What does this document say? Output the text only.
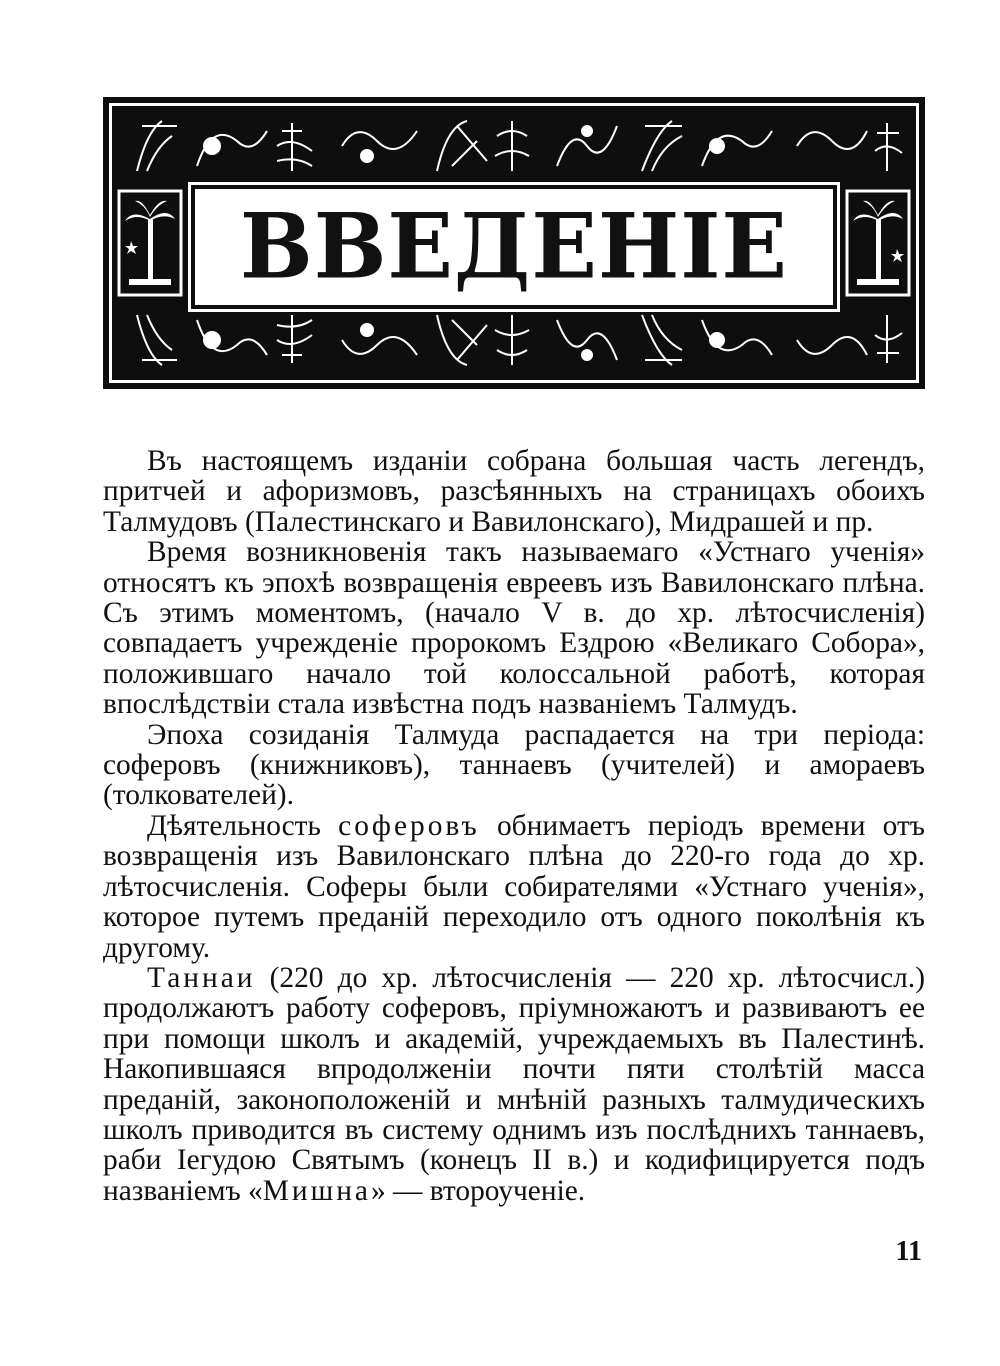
ВВЕДЕНІЕ

Въ настоящемъ изданіи собрана большая часть легендъ, притчей и афоризмовъ, разсѣянныхъ на страницахъ обоихъ Талмудовъ (Палестинскаго и Вавилонскаго), Мидрашей и пр.

Время возникновенія такъ называемаго «Устнаго ученія» относятъ къ эпохѣ возвращенія евреевъ изъ Вавилонскаго плѣна. Съ этимъ моментомъ, (начало V в. до хр. лѣтосчисленія) совпадаетъ учрежденіе пророкомъ Ездрою «Великаго Собора», положившаго начало той колоссальной работѣ, которая впослѣдствіи стала извѣстна подъ названіемъ Талмудъ.

Эпоха созиданія Талмуда распадается на три періода: соферовъ (книжниковъ), таннаевъ (учителей) и амораевъ (толкователей).

Дѣятельность соферовъ обнимаетъ періодъ времени отъ возвращенія изъ Вавилонскаго плѣна до 220-го года до хр. лѣтосчисленія. Соферы были собирателями «Устнаго ученія», которое путемъ преданій переходило отъ одного поколѣнія къ другому.

Таннаи (220 до хр. лѣтосчисленія — 220 хр. лѣтосчисл.) продолжаютъ работу соферовъ, пріумножаютъ и развиваютъ ее при помощи школъ и академій, учреждаемыхъ въ Палестинѣ. Накопившаяся впродолженіи почти пяти столѣтій масса преданій, законоположеній и мнѣній разныхъ талмудическихъ школъ приводится въ систему однимъ изъ послѣднихъ таннаевъ, раби Іегудою Святымъ (конецъ II в.) и кодифицируется подъ названіемъ «Мишна» — второученіе.

11
